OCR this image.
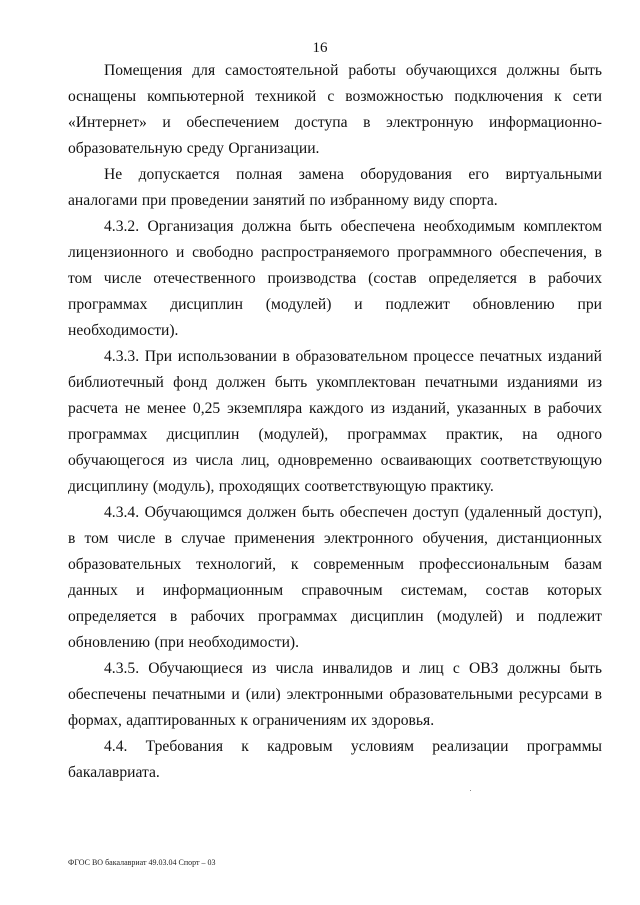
16

Помещения для самостоятельной работы обучающихся должны быть оснащены компьютерной техникой с возможностью подключения к сети «Интернет» и обеспечением доступа в электронную информационно-образовательную среду Организации.

Не допускается полная замена оборудования его виртуальными аналогами при проведении занятий по избранному виду спорта.

4.3.2. Организация должна быть обеспечена необходимым комплектом лицензионного и свободно распространяемого программного обеспечения, в том числе отечественного производства (состав определяется в рабочих программах дисциплин (модулей) и подлежит обновлению при необходимости).

4.3.3. При использовании в образовательном процессе печатных изданий библиотечный фонд должен быть укомплектован печатными изданиями из расчета не менее 0,25 экземпляра каждого из изданий, указанных в рабочих программах дисциплин (модулей), программах практик, на одного обучающегося из числа лиц, одновременно осваивающих соответствующую дисциплину (модуль), проходящих соответствующую практику.

4.3.4. Обучающимся должен быть обеспечен доступ (удаленный доступ), в том числе в случае применения электронного обучения, дистанционных образовательных технологий, к современным профессиональным базам данных и информационным справочным системам, состав которых определяется в рабочих программах дисциплин (модулей) и подлежит обновлению (при необходимости).

4.3.5. Обучающиеся из числа инвалидов и лиц с ОВЗ должны быть обеспечены печатными и (или) электронными образовательными ресурсами в формах, адаптированных к ограничениям их здоровья.

4.4. Требования к кадровым условиям реализации программы бакалавриата.

ФГОС ВО бакалавриат 49.03.04 Спорт – 03
